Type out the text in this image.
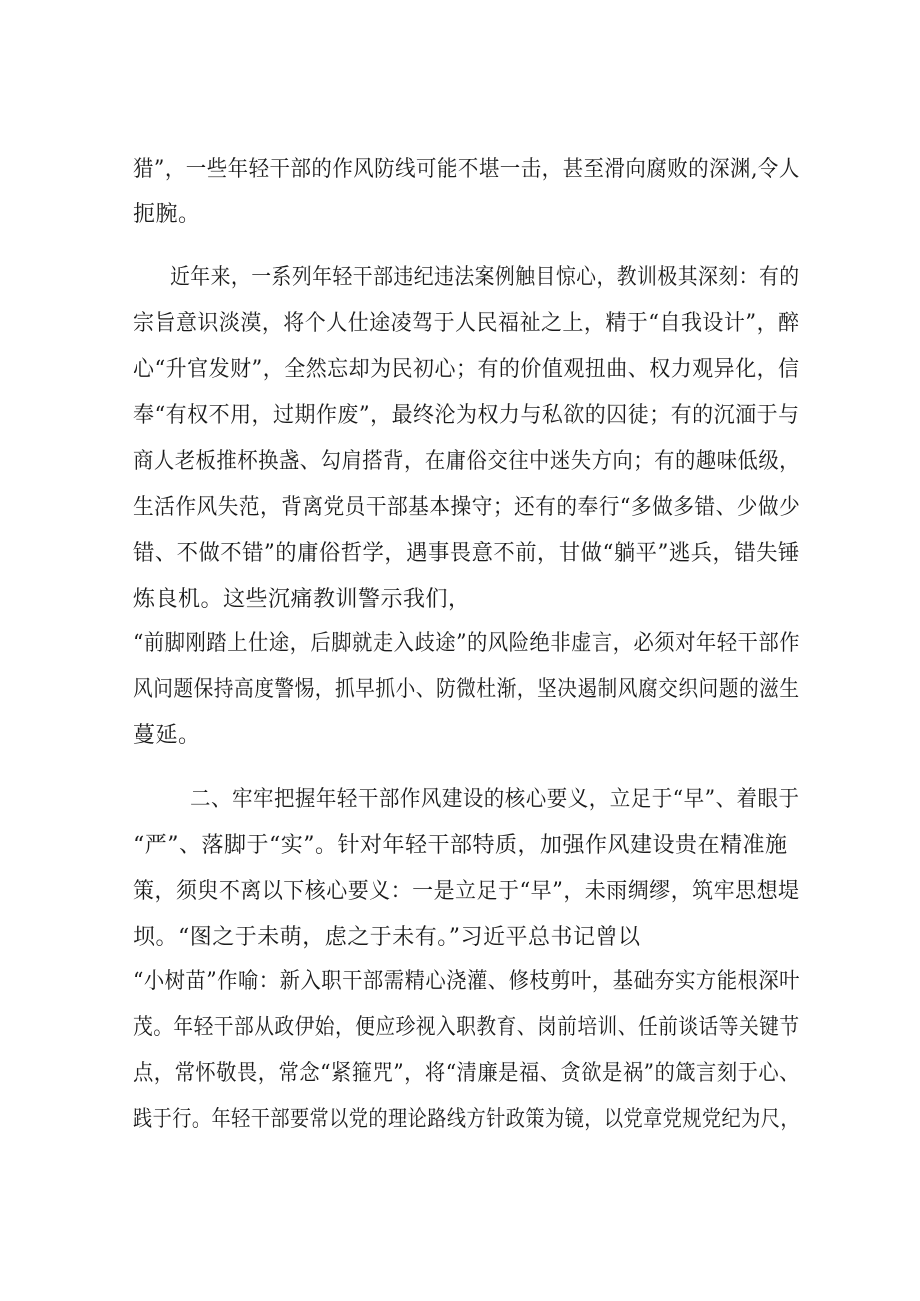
猎”，一些年轻干部的作风防线可能不堪一击，甚至滑向腐败的深渊,令人
扼腕。
近年来，一系列年轻干部违纪违法案例触目惊心，教训极其深刻：有的
宗旨意识淡漠，将个人仕途凌驾于人民福祉之上，精于“自我设计”，醉
心“升官发财”，全然忘却为民初心；有的价值观扭曲、权力观异化，信
奉“有权不用，过期作废”，最终沦为权力与私欲的囚徒；有的沉湎于与
商人老板推杯换盏、勾肩搭背，在庸俗交往中迷失方向；有的趣味低级，
生活作风失范，背离党员干部基本操守；还有的奉行“多做多错、少做少
错、不做不错”的庸俗哲学，遇事畏意不前，甘做“躺平”逃兵，错失锤
炼良机。这些沉痛教训警示我们，
“前脚刚踏上仕途，后脚就走入歧途”的风险绝非虚言，必须对年轻干部作
风问题保持高度警惕，抓早抓小、防微杜渐，坚决遏制风腐交织问题的滋生
蔓延。
二、牢牢把握年轻干部作风建设的核心要义，立足于“早”、着眼于
“严”、落脚于“实”。针对年轻干部特质，加强作风建设贵在精准施
策，须臾不离以下核心要义：一是立足于“早”，未雨绸缪，筑牢思想堤
坝。“图之于未萌，虑之于未有。”习近平总书记曾以
“小树苗”作喻：新入职干部需精心浇灌、修枝剪叶，基础夯实方能根深叶
茂。年轻干部从政伊始，便应珍视入职教育、岗前培训、任前谈话等关键节
点，常怀敬畏，常念“紧箍咒”，将“清廉是福、贪欲是祸”的箴言刻于心、
践于行。年轻干部要常以党的理论路线方针政策为镜，以党章党规党纪为尺，
